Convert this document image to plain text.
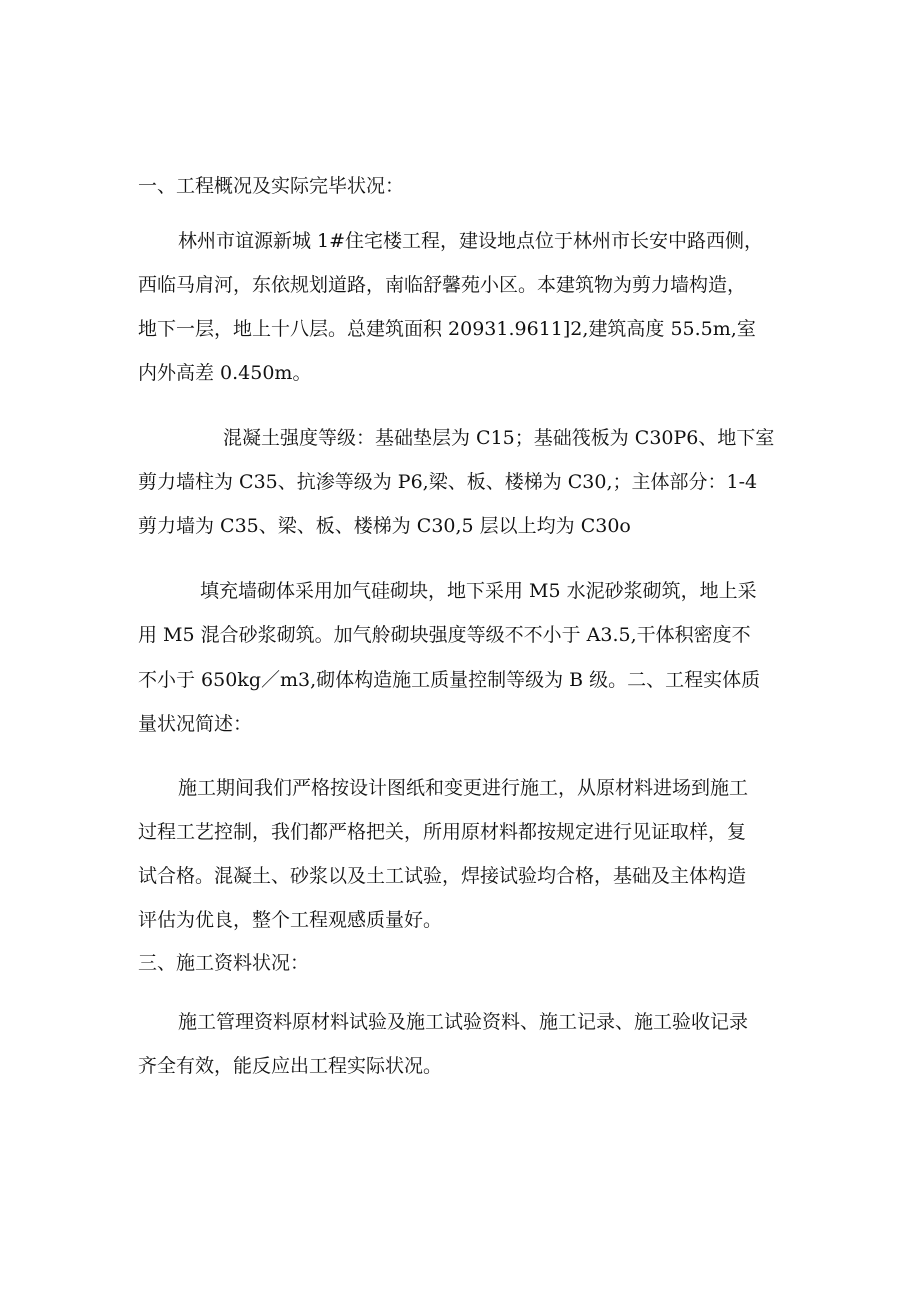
一、工程概况及实际完毕状况：
林州市谊源新城 1#住宅楼工程，建设地点位于林州市长安中路西侧，
西临马肩河，东依规划道路，南临舒馨苑小区。本建筑物为剪力墙构造，
地下一层，地上十八层。总建筑面积 20931.9611]2,建筑高度 55.5m,室
内外高差 0.450m。
混凝土强度等级：基础垫层为 C15；基础筏板为 C30P6、地下室
剪力墙柱为 C35、抗渗等级为 P6,梁、板、楼梯为 C30,；主体部分：1-4
剪力墙为 C35、梁、板、楼梯为 C30,5 层以上均为 C30o
填充墙砌体采用加气硅砌块，地下采用 M5 水泥砂浆砌筑，地上采
用 M5 混合砂浆砌筑。加气舲砌块强度等级不不小于 A3.5,干体积密度不
不小于 650kg／m3,砌体构造施工质量控制等级为 B 级。二、工程实体质
量状况简述：
施工期间我们严格按设计图纸和变更进行施工，从原材料进场到施工
过程工艺控制，我们都严格把关，所用原材料都按规定进行见证取样，复
试合格。混凝土、砂浆以及土工试验，焊接试验均合格，基础及主体构造
评估为优良，整个工程观感质量好。
三、施工资料状况：
施工管理资料原材料试验及施工试验资料、施工记录、施工验收记录
齐全有效，能反应出工程实际状况。
